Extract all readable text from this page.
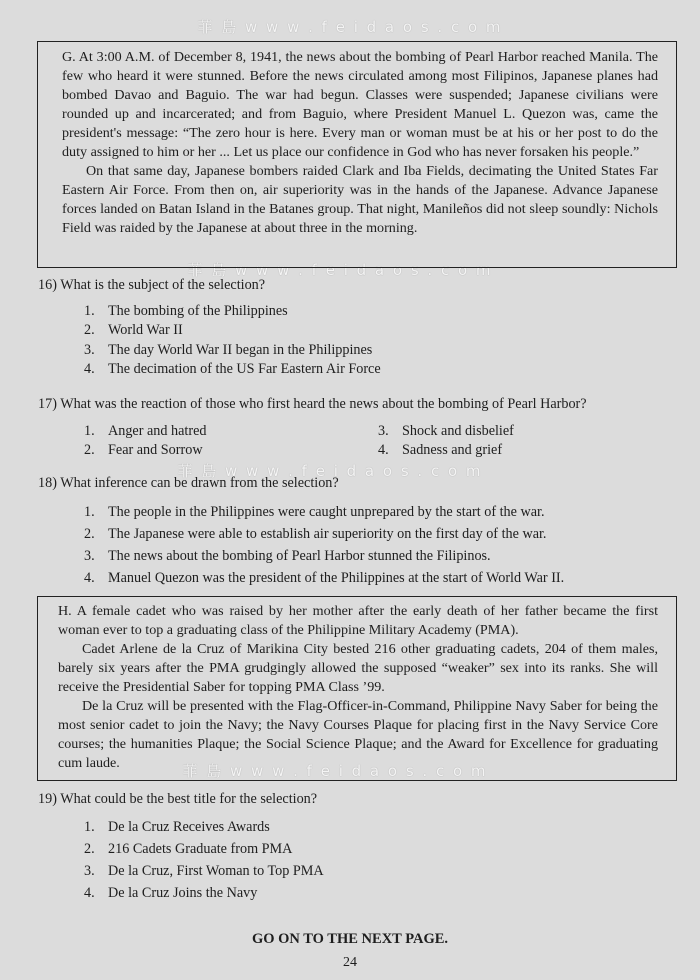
菲 島 w w w . f e i d a o s . c o m
菲 島 w w w . f e i d a o s . c o m
菲 島 w w w . f e i d a o s . c o m
菲 島 w w w . f e i d a o s . c o m

G. At 3:00 A.M. of December 8, 1941, the news about the bombing of Pearl Harbor reached Manila. The few who heard it were stunned. Before the news circulated among most Filipinos, Japanese planes had bombed Davao and Baguio. The war had begun. Classes were suspended; Japanese civilians were rounded up and incarcerated; and from Baguio, where President Manuel L. Quezon was, came the president's message: “The zero hour is here. Every man or woman must be at his or her post to do the duty assigned to him or her ... Let us place our confidence in God who has never forsaken his people.”

On that same day, Japanese bombers raided Clark and Iba Fields, decimating the United States Far Eastern Air Force. From then on, air superiority was in the hands of the Japanese. Advance Japanese forces landed on Batan Island in the Batanes group. That night, Manileños did not sleep soundly: Nichols Field was raided by the Japanese at about three in the morning.

16) What is the subject of the selection?
1. The bombing of the Philippines
2. World War II
3. The day World War II began in the Philippines
4. The decimation of the US Far Eastern Air Force
17) What was the reaction of those who first heard the news about the bombing of Pearl Harbor?
1. Anger and hatred
2. Fear and Sorrow
3. Shock and disbelief
4. Sadness and grief
18) What inference can be drawn from the selection?
1. The people in the Philippines were caught unprepared by the start of the war.
2. The Japanese were able to establish air superiority on the first day of the war.
3. The news about the bombing of Pearl Harbor stunned the Filipinos.
4. Manuel Quezon was the president of the Philippines at the start of World War II.

H. A female cadet who was raised by her mother after the early death of her father became the first woman ever to top a graduating class of the Philippine Military Academy (PMA).

Cadet Arlene de la Cruz of Marikina City bested 216 other graduating cadets, 204 of them males, barely six years after the PMA grudgingly allowed the supposed “weaker” sex into its ranks. She will receive the Presidential Saber for topping PMA Class ’99.

De la Cruz will be presented with the Flag-Officer-in-Command, Philippine Navy Saber for being the most senior cadet to join the Navy; the Navy Courses Plaque for placing first in the Navy Service Core courses; the humanities Plaque; the Social Science Plaque; and the Award for Excellence for graduating cum laude.

19) What could be the best title for the selection?
1. De la Cruz Receives Awards
2. 216 Cadets Graduate from PMA
3. De la Cruz, First Woman to Top PMA
4. De la Cruz Joins the Navy
GO ON TO THE NEXT PAGE.
24
